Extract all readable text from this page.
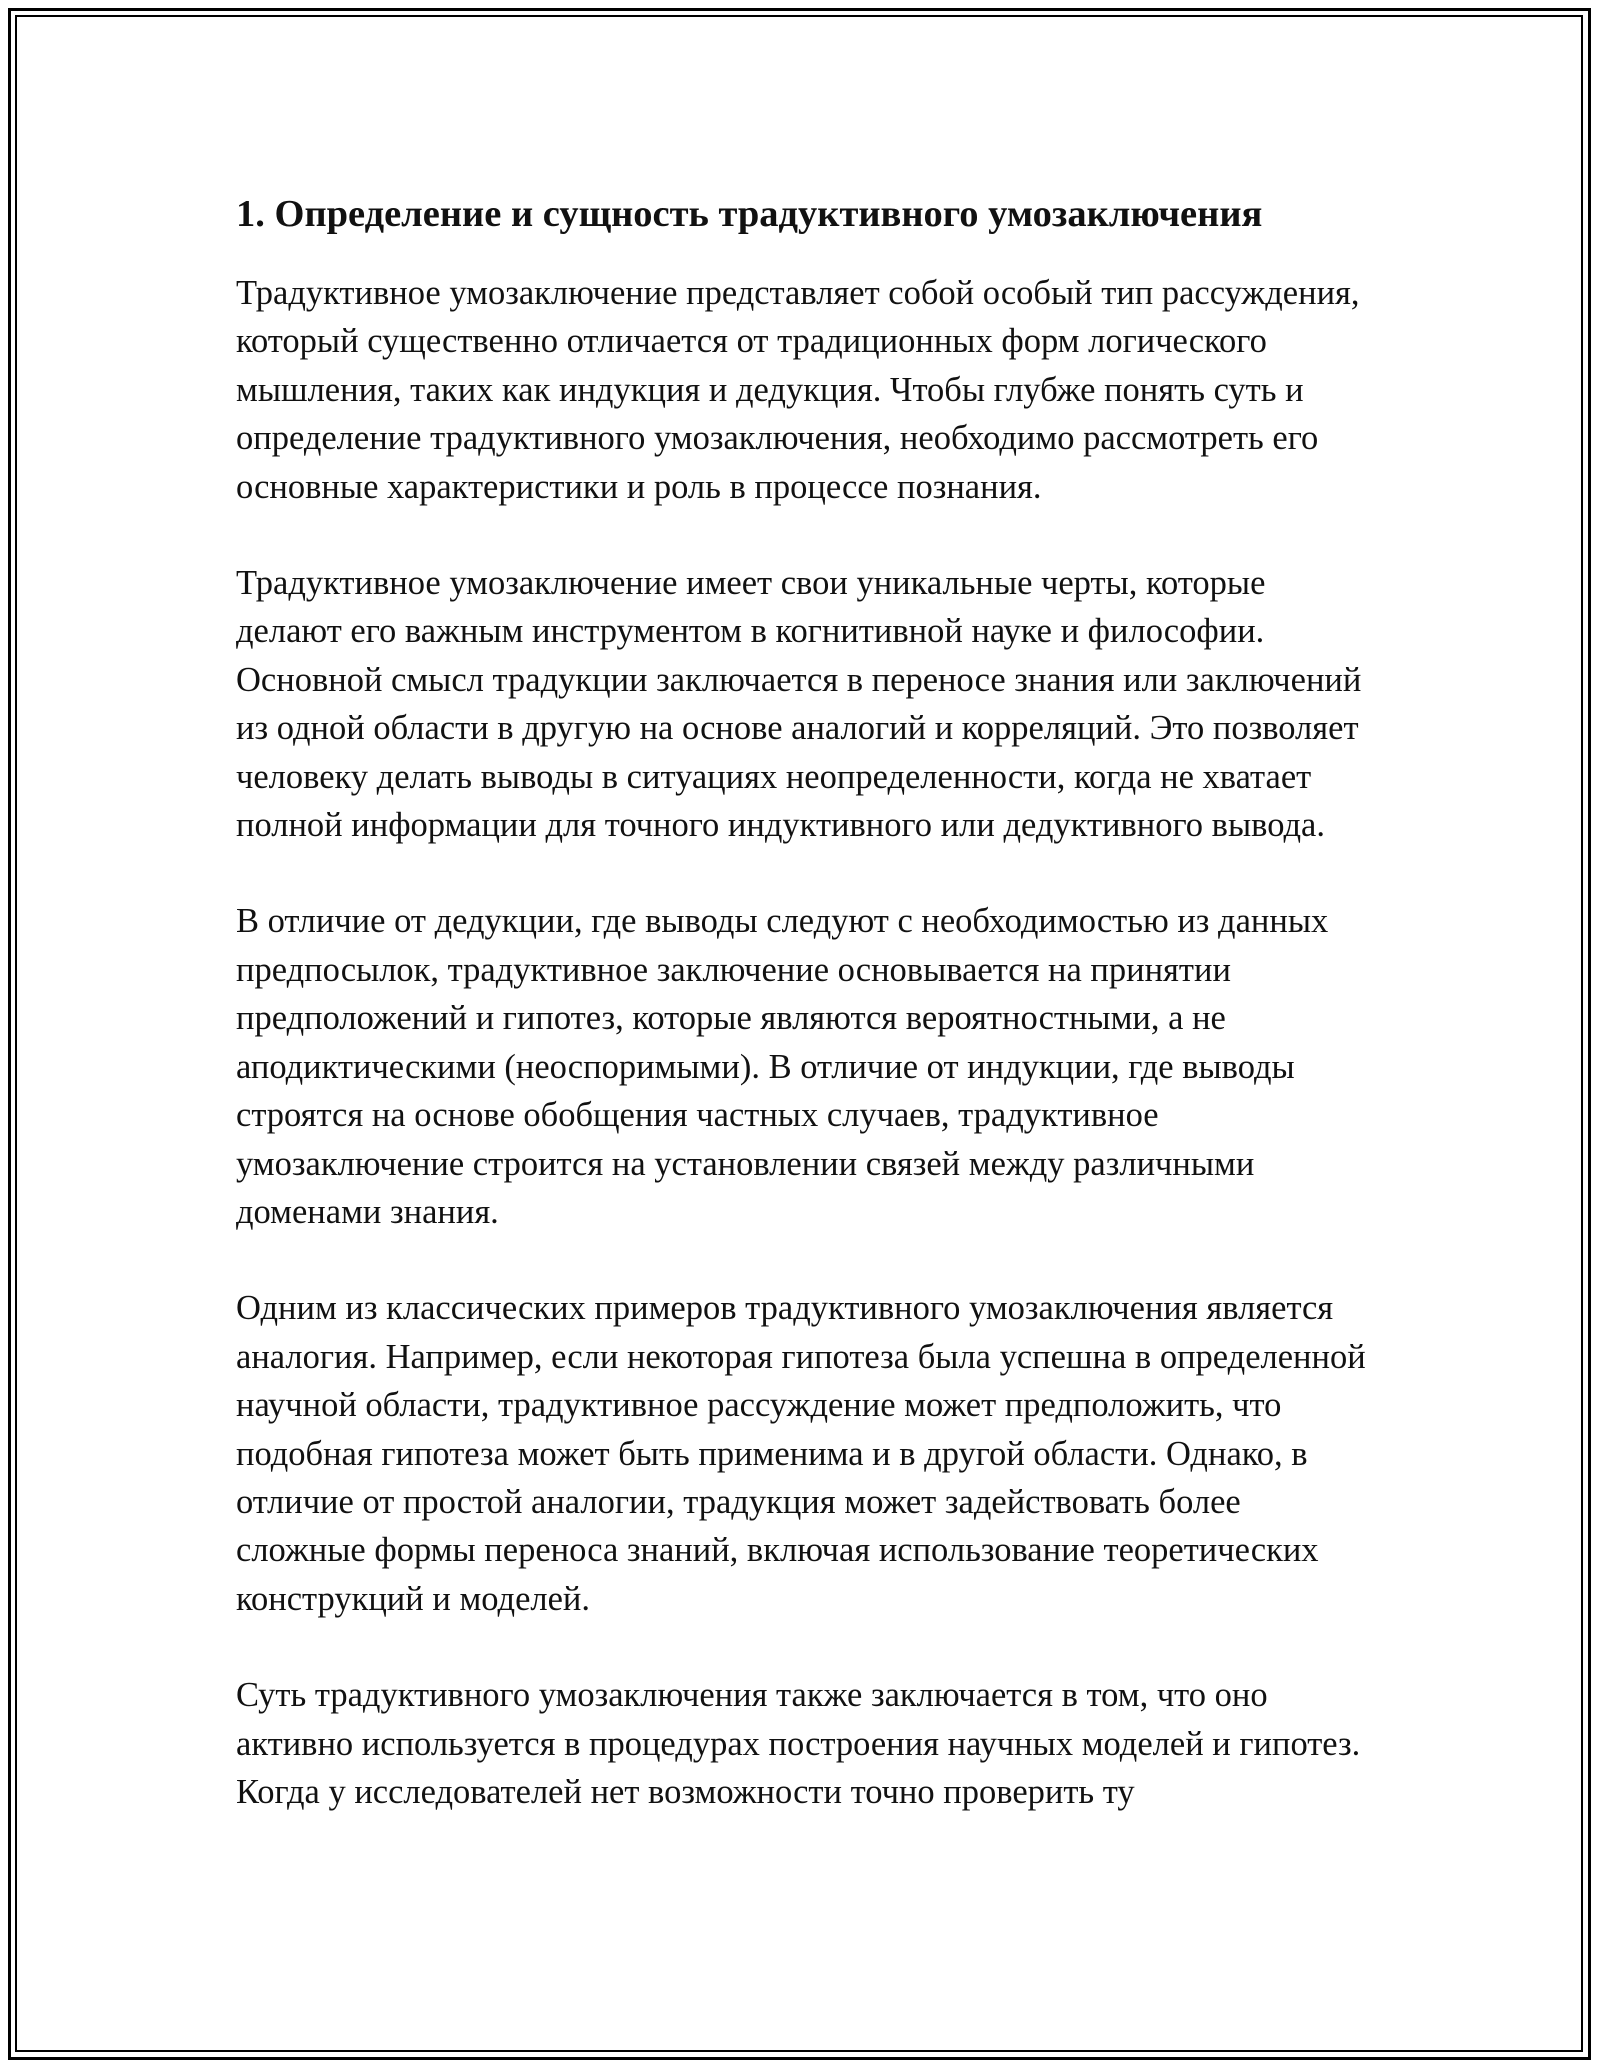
1. Определение и сущность традуктивного умозаключения

Традуктивное умозаключение представляет собой особый тип рассуждения, который существенно отличается от традиционных форм логического мышления, таких как индукция и дедукция. Чтобы глубже понять суть и определение традуктивного умозаключения, необходимо рассмотреть его основные характеристики и роль в процессе познания.

Традуктивное умозаключение имеет свои уникальные черты, которые делают его важным инструментом в когнитивной науке и философии. Основной смысл традукции заключается в переносе знания или заключений из одной области в другую на основе аналогий и корреляций. Это позволяет человеку делать выводы в ситуациях неопределенности, когда не хватает полной информации для точного индуктивного или дедуктивного вывода.

В отличие от дедукции, где выводы следуют с необходимостью из данных предпосылок, традуктивное заключение основывается на принятии предположений и гипотез, которые являются вероятностными, а не аподиктическими (неоспоримыми). В отличие от индукции, где выводы строятся на основе обобщения частных случаев, традуктивное умозаключение строится на установлении связей между различными доменами знания.

Одним из классических примеров традуктивного умозаключения является аналогия. Например, если некоторая гипотеза была успешна в определенной научной области, традуктивное рассуждение может предположить, что подобная гипотеза может быть применима и в другой области. Однако, в отличие от простой аналогии, традукция может задействовать более сложные формы переноса знаний, включая использование теоретических конструкций и моделей.

Суть традуктивного умозаключения также заключается в том, что оно активно используется в процедурах построения научных моделей и гипотез. Когда у исследователей нет возможности точно проверить ту
